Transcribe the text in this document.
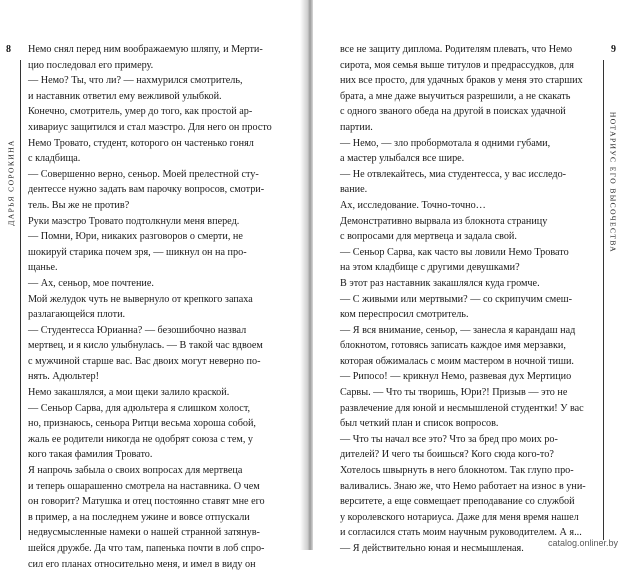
8
ДАРЬЯ СОРОКИНА
Немо снял перед ним воображаемую шляпу, и Мерти-
цио последовал его примеру.
— Немо? Ты, что ли? — нахмурился смотритель,
и наставник ответил ему вежливой улыбкой.
Конечно, смотритель, умер до того, как простой ар-
хивариус защитился и стал маэстро. Для него он просто
Немо Тровато, студент, которого он частенько гонял
с кладбища.
— Совершенно верно, сеньор. Моей прелестной сту-
дентессе нужно задать вам парочку вопросов, смотри-
тель. Вы же не против?
Руки маэстро Тровато подтолкнули меня вперед.
— Помни, Юри, никаких разговоров о смерти, не
шокируй старика почем зря, — шикнул он на про-
щанье.
— Ах, сеньор, мое почтение.
Мой желудок чуть не вывернуло от крепкого запаха
разлагающейся плоти.
— Студентесса Юрианна? — безошибочно назвал
мертвец, и я кисло улыбнулась. — В такой час вдвоем
с мужчиной старше вас. Вас двоих могут неверно по-
нять. Адюльтер!
Немо закашлялся, а мои щеки залило краской.
— Сеньор Сарва, для адюльтера я слишком холост,
но, признаюсь, сеньора Ритци весьма хороша собой,
жаль ее родители никогда не одобрят союза с тем, у
кого такая фамилия Тровато.
Я напрочь забыла о своих вопросах для мертвеца
и теперь ошарашенно смотрела на наставника. О чем
он говорит? Матушка и отец постоянно ставят мне его
в пример, а на последнем ужине и вовсе отпускали
недвусмысленные намеки о нашей странной затянув-
шейся дружбе. Да что там, папенька почти в лоб спро-
сил его планах относительно меня, и имел в виду он
9
НОТАРИУС ЕГО ВЫСОЧЕСТВА
все не защиту диплома. Родителям плевать, что Немо
сирота, моя семья выше титулов и предрассудков, для
них все просто, для удачных браков у меня это старших
брата, а мне даже выучиться разрешили, а не скакать
с одного званого обеда на другой в поисках удачной
партии.
— Немо, — зло пробормотала я одними губами,
а мастер улыбался все шире.
— Не отвлекайтесь, миа студентесса, у вас исследо-
вание.
Ах, исследование. Точно-точно…
Демонстративно вырвала из блокнота страницу
с вопросами для мертвеца и задала свой.
— Сеньор Сарва, как часто вы ловили Немо Тровато
на этом кладбище с другими девушками?
В этот раз наставник закашлялся куда громче.
— С живыми или мертвыми? — со скрипучим смеш-
ком переспросил смотритель.
— Я вся внимание, сеньор, — занесла я карандаш над
блокнотом, готовясь записать каждое имя мерзавки,
которая обжималась с моим мастером в ночной тиши.
— Рипосо! — крикнул Немо, развевая дух Мертицио
Сарвы. — Что ты творишь, Юри?! Призыв — это не
развлечение для юной и несмышленой студентки! У вас
был четкий план и список вопросов.
— Что ты начал все это? Что за бред про моих ро-
дителей? И чего ты боишься? Кого сюда кого-то?
Хотелось швырнуть в него блокнотом. Так глупо про-
валивались. Знаю же, что Немо работает на износ в уни-
верситете, а еще совмещает преподавание со службой
у королевского нотариуса. Даже для меня время нашел
и согласился стать моим научным руководителем. А я...
— Я действительно юная и несмышленая.	catalog.onliner.by
